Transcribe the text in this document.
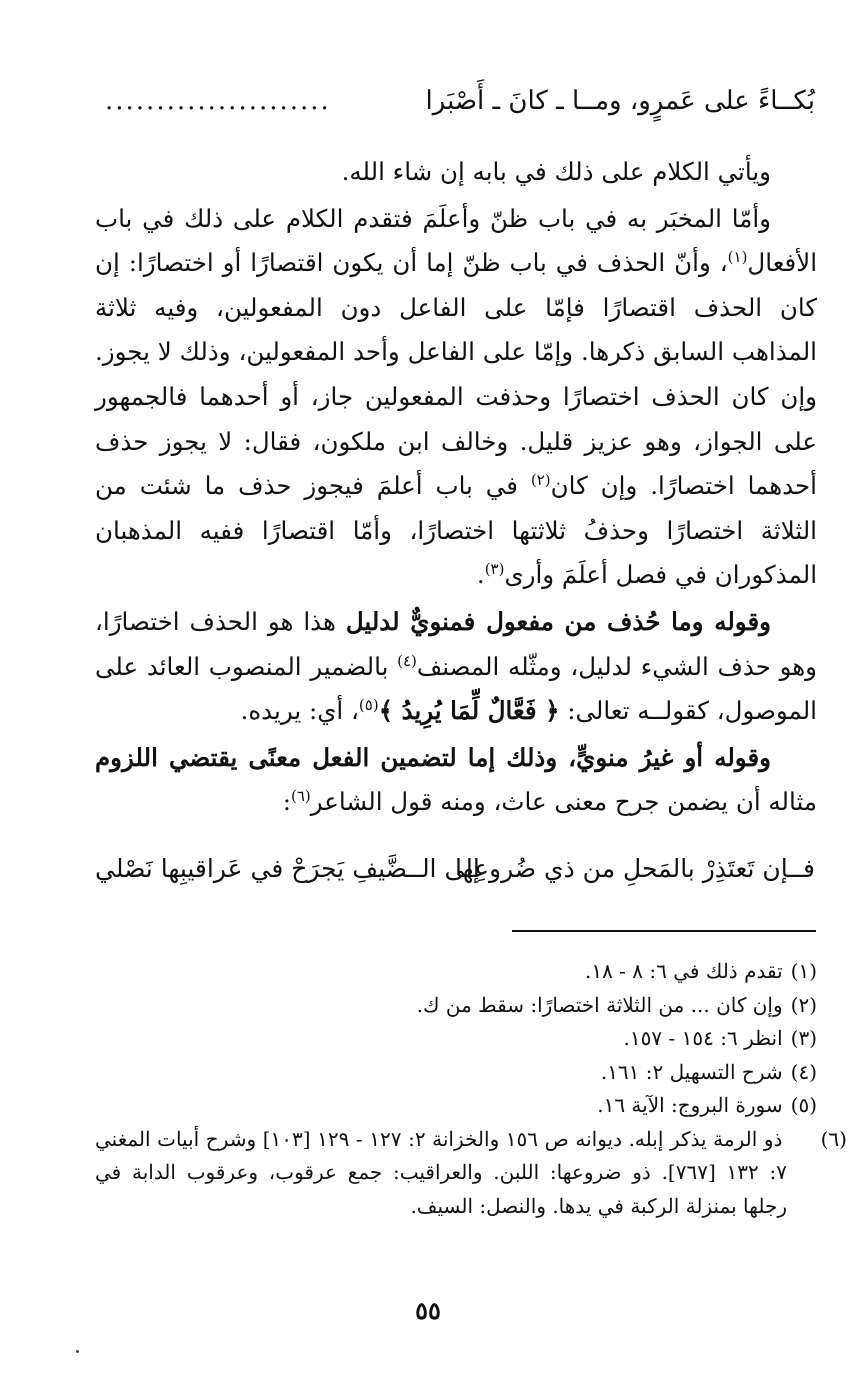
بُكــاءً على عَمرٍو، ومــا ـ كانَ ـ أَصْبَرا
......................

ويأتي الكلام على ذلك في بابه إن شاء الله.

وأمّا المخبَر به في باب ظنّ وأعلَمَ فتقدم الكلام على ذلك في باب الأفعال$^{(١)}$، وأنّ الحذف في باب ظنّ إما أن يكون اقتصارًا أو اختصارًا: إن كان الحذف اقتصارًا فإمّا على الفاعل دون المفعولين، وفيه ثلاثة المذاهب السابق ذكرها. وإمّا على الفاعل وأحد المفعولين، وذلك لا يجوز. وإن كان الحذف اختصارًا وحذفت المفعولين جاز، أو أحدهما فالجمهور على الجواز، وهو عزيز قليل. وخالف ابن ملكون، فقال: لا يجوز حذف أحدهما اختصارًا. وإن كان$^{(٢)}$ في باب أعلمَ فيجوز حذف ما شئت من الثلاثة اختصارًا وحذفُ ثلاثتها اختصارًا، وأمّا اقتصارًا ففيه المذهبان المذكوران في فصل أعلَمَ وأرى$^{(٣)}$.

وقوله وما حُذف من مفعول فمنويٌّ لدليل هذا هو الحذف اختصارًا، وهو حذف الشيء لدليل، ومثّله المصنف$^{(٤)}$ بالضمير المنصوب العائد على الموصول، كقولــه تعالى: ﴿ فَعَّالٌ لِّمَا يُرِيدُ ﴾$^{(٥)}$، أي: يريده.

وقوله أو غيرُ منويٍّ، وذلك إما لتضمين الفعل معنًى يقتضي اللزوم مثاله أن يضمن جرح معنى عاث، ومنه قول الشاعر$^{(٦)}$:

فــإن تَعتَذِرْ بالمَحلِ من ذي ضُروعِها
إلى الــضَّيفِ يَجرَحْ في عَراقيبِها نَصْلي

(١) تقدم ذلك في ٦: ٨ - ١٨.

(٢) وإن كان ... من الثلاثة اختصارًا: سقط من ك.

(٣) انظر ٦: ١٥٤ - ١٥٧.

(٤) شرح التسهيل ٢: ١٦١.

(٥) سورة البروج: الآية ١٦.

(٦) ذو الرمة يذكر إبله. ديوانه ص ١٥٦ والخزانة ٢: ١٢٧ - ١٢٩ [١٠٣] وشرح أبيات المغني ٧: ١٣٢ [٧٦٧]. ذو ضروعها: اللبن. والعراقيب: جمع عرقوب، وعرقوب الدابة في رجلها بمنزلة الركبة في يدها. والنصل: السيف.

٥٥
